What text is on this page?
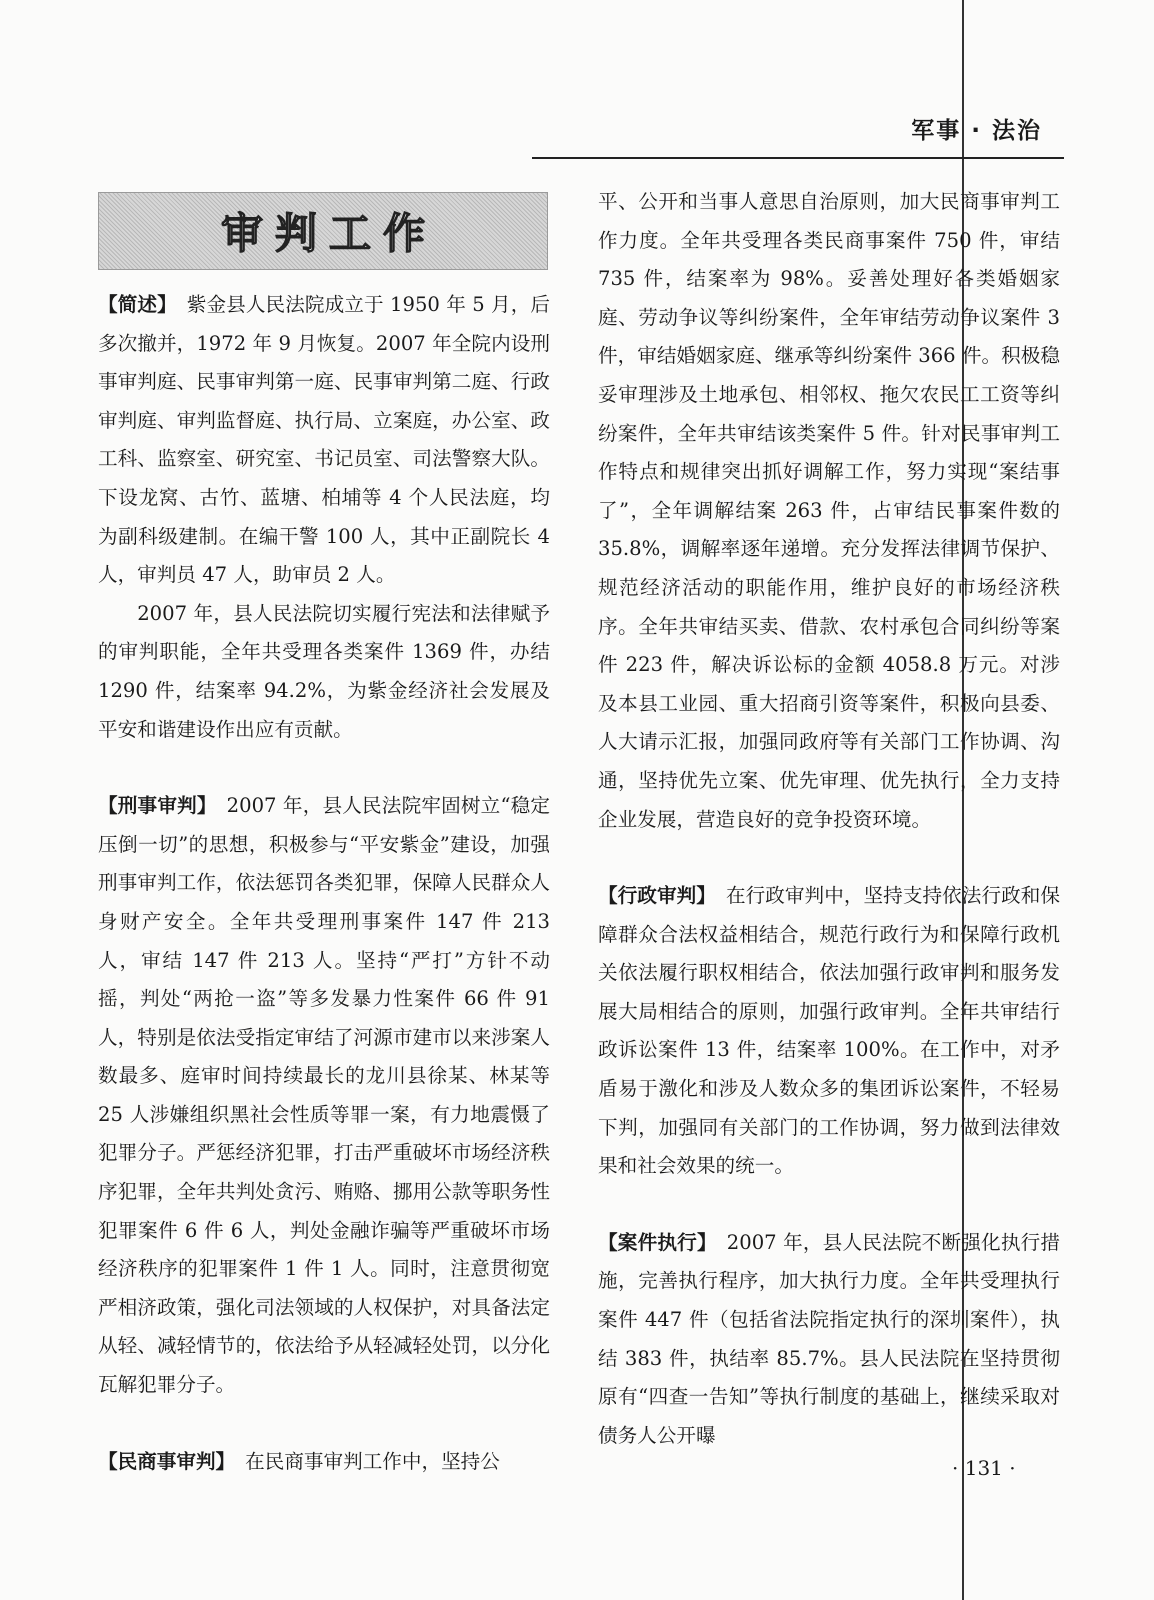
军事 · 法治
审判工作

【简述】 紫金县人民法院成立于 1950 年 5 月，后多次撤并，1972 年 9 月恢复。2007 年全院内设刑事审判庭、民事审判第一庭、民事审判第二庭、行政审判庭、审判监督庭、执行局、立案庭，办公室、政工科、监察室、研究室、书记员室、司法警察大队。下设龙窝、古竹、蓝塘、柏埔等 4 个人民法庭，均为副科级建制。在编干警 100 人，其中正副院长 4 人，审判员 47 人，助审员 2 人。

2007 年，县人民法院切实履行宪法和法律赋予的审判职能，全年共受理各类案件 1369 件，办结 1290 件，结案率 94.2%，为紫金经济社会发展及平安和谐建设作出应有贡献。

【刑事审判】 2007 年，县人民法院牢固树立“稳定压倒一切”的思想，积极参与“平安紫金”建设，加强刑事审判工作，依法惩罚各类犯罪，保障人民群众人身财产安全。全年共受理刑事案件 147 件 213 人，审结 147 件 213 人。坚持“严打”方针不动摇，判处“两抢一盗”等多发暴力性案件 66 件 91 人，特别是依法受指定审结了河源市建市以来涉案人数最多、庭审时间持续最长的龙川县徐某、林某等 25 人涉嫌组织黑社会性质等罪一案，有力地震慑了犯罪分子。严惩经济犯罪，打击严重破坏市场经济秩序犯罪，全年共判处贪污、贿赂、挪用公款等职务性犯罪案件 6 件 6 人，判处金融诈骗等严重破坏市场经济秩序的犯罪案件 1 件 1 人。同时，注意贯彻宽严相济政策，强化司法领域的人权保护，对具备法定从轻、减轻情节的，依法给予从轻减轻处罚，以分化瓦解犯罪分子。

【民商事审判】 在民商事审判工作中，坚持公

平、公开和当事人意思自治原则，加大民商事审判工作力度。全年共受理各类民商事案件 750 件，审结 735 件，结案率为 98%。妥善处理好各类婚姻家庭、劳动争议等纠纷案件，全年审结劳动争议案件 3 件，审结婚姻家庭、继承等纠纷案件 366 件。积极稳妥审理涉及土地承包、相邻权、拖欠农民工工资等纠纷案件，全年共审结该类案件 5 件。针对民事审判工作特点和规律突出抓好调解工作，努力实现“案结事了”，全年调解结案 263 件，占审结民事案件数的 35.8%，调解率逐年递增。充分发挥法律调节保护、规范经济活动的职能作用，维护良好的市场经济秩序。全年共审结买卖、借款、农村承包合同纠纷等案件 223 件，解决诉讼标的金额 4058.8 万元。对涉及本县工业园、重大招商引资等案件，积极向县委、人大请示汇报，加强同政府等有关部门工作协调、沟通，坚持优先立案、优先审理、优先执行，全力支持企业发展，营造良好的竞争投资环境。

【行政审判】 在行政审判中，坚持支持依法行政和保障群众合法权益相结合，规范行政行为和保障行政机关依法履行职权相结合，依法加强行政审判和服务发展大局相结合的原则，加强行政审判。全年共审结行政诉讼案件 13 件，结案率 100%。在工作中，对矛盾易于激化和涉及人数众多的集团诉讼案件，不轻易下判，加强同有关部门的工作协调，努力做到法律效果和社会效果的统一。

【案件执行】 2007 年，县人民法院不断强化执行措施，完善执行程序，加大执行力度。全年共受理执行案件 447 件（包括省法院指定执行的深圳案件），执结 383 件，执结率 85.7%。县人民法院在坚持贯彻原有“四查一告知”等执行制度的基础上，继续采取对债务人公开曝

· 131 ·
